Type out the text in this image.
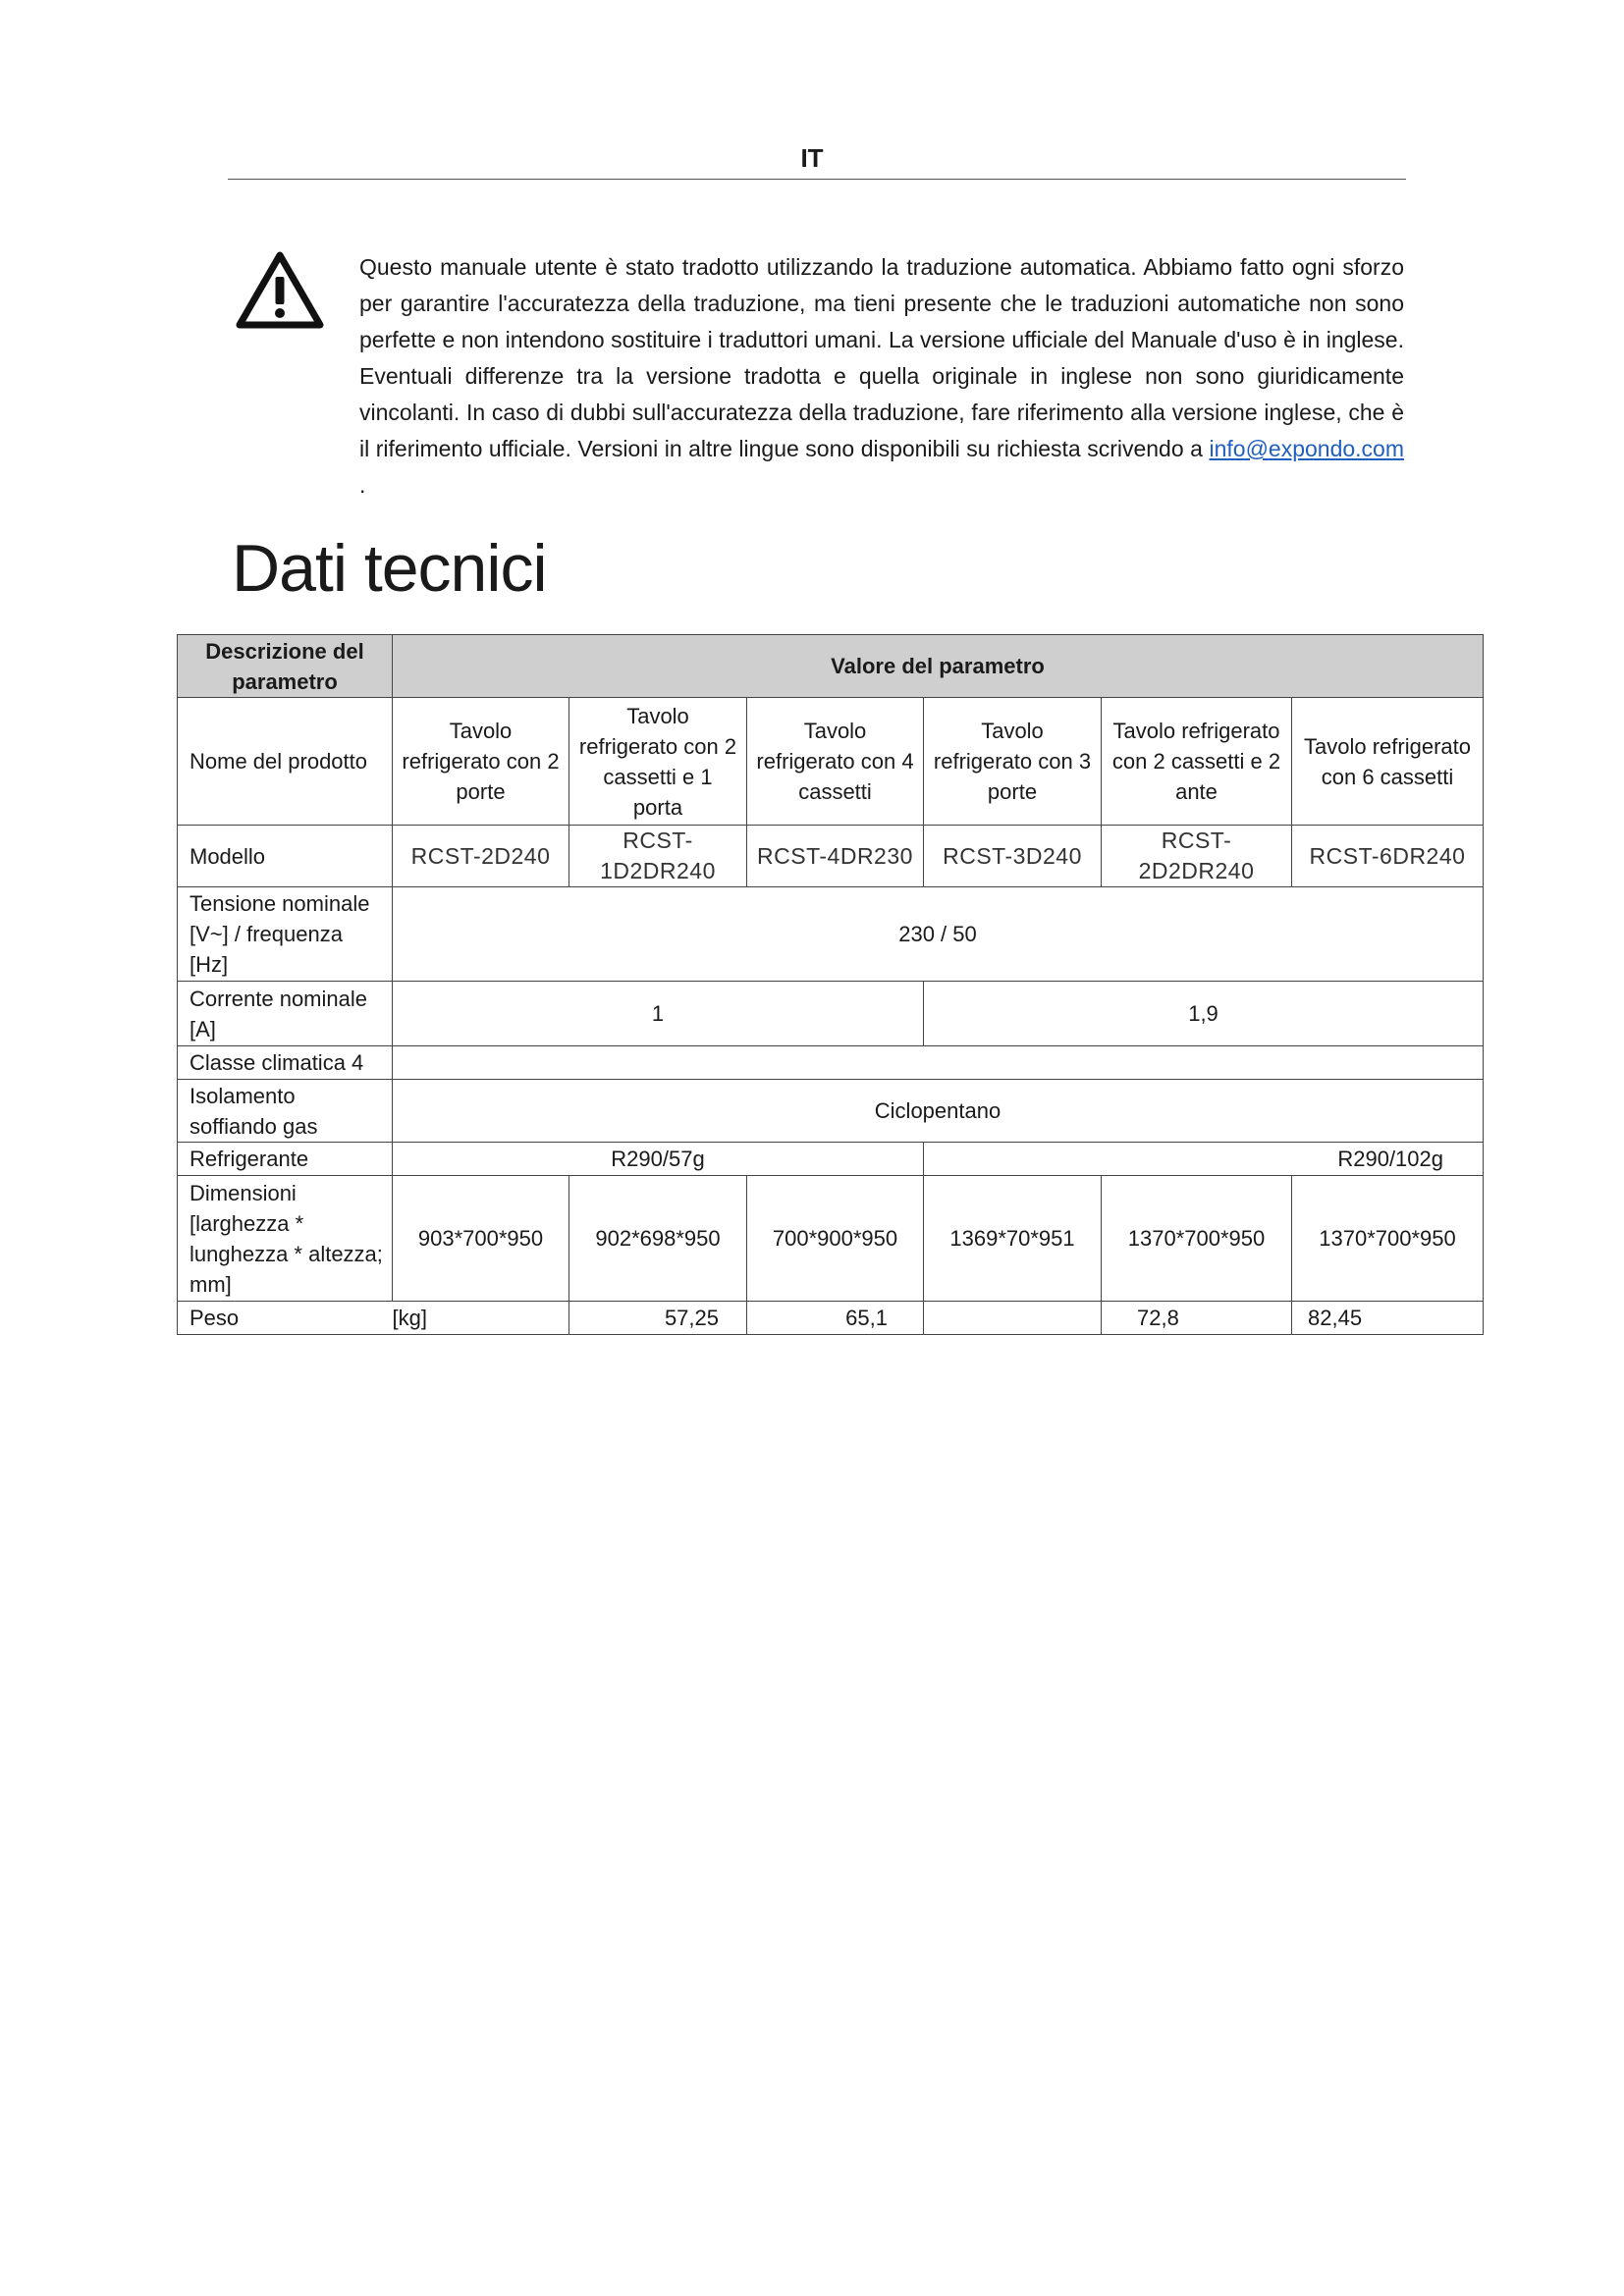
IT

Questo manuale utente è stato tradotto utilizzando la traduzione automatica. Abbiamo fatto ogni sforzo per garantire l'accuratezza della traduzione, ma tieni presente che le traduzioni automatiche non sono perfette e non intendono sostituire i traduttori umani. La versione ufficiale del Manuale d'uso è in inglese. Eventuali differenze tra la versione tradotta e quella originale in inglese non sono giuridicamente vincolanti. In caso di dubbi sull'accuratezza della traduzione, fare riferimento alla versione inglese, che è il riferimento ufficiale. Versioni in altre lingue sono disponibili su richiesta scrivendo a info@expondo.com .

Dati tecnici
Descrizione del parametro	Valore del parametro					
Nome del prodotto	Tavolo refrigerato con 2 porte	Tavolo refrigerato con 2 cassetti e 1 porta	Tavolo refrigerato con 4 cassetti	Tavolo refrigerato con 3 porte	Tavolo refrigerato con 2 cassetti e 2 ante	Tavolo refrigerato con 6 cassetti
Modello	RCST-2D240	RCST-1D2DR240	RCST-4DR230	RCST-3D240	RCST-2D2DR240	RCST-6DR240
Tensione nominale [V~] / frequenza [Hz]	230 / 50					
Corrente nominale [A]	1			1,9		
Classe climatica 4						
Isolamento soffiando gas	Ciclopentano					
Refrigerante	R290/57g			R290/102g		
Dimensioni [larghezza * lunghezza * altezza; mm]	903*700*950	902*698*950	700*900*950	1369*70*951	1370*700*950	1370*700*950
Peso	[kg]	57,25	65,1		72,8	82,45
